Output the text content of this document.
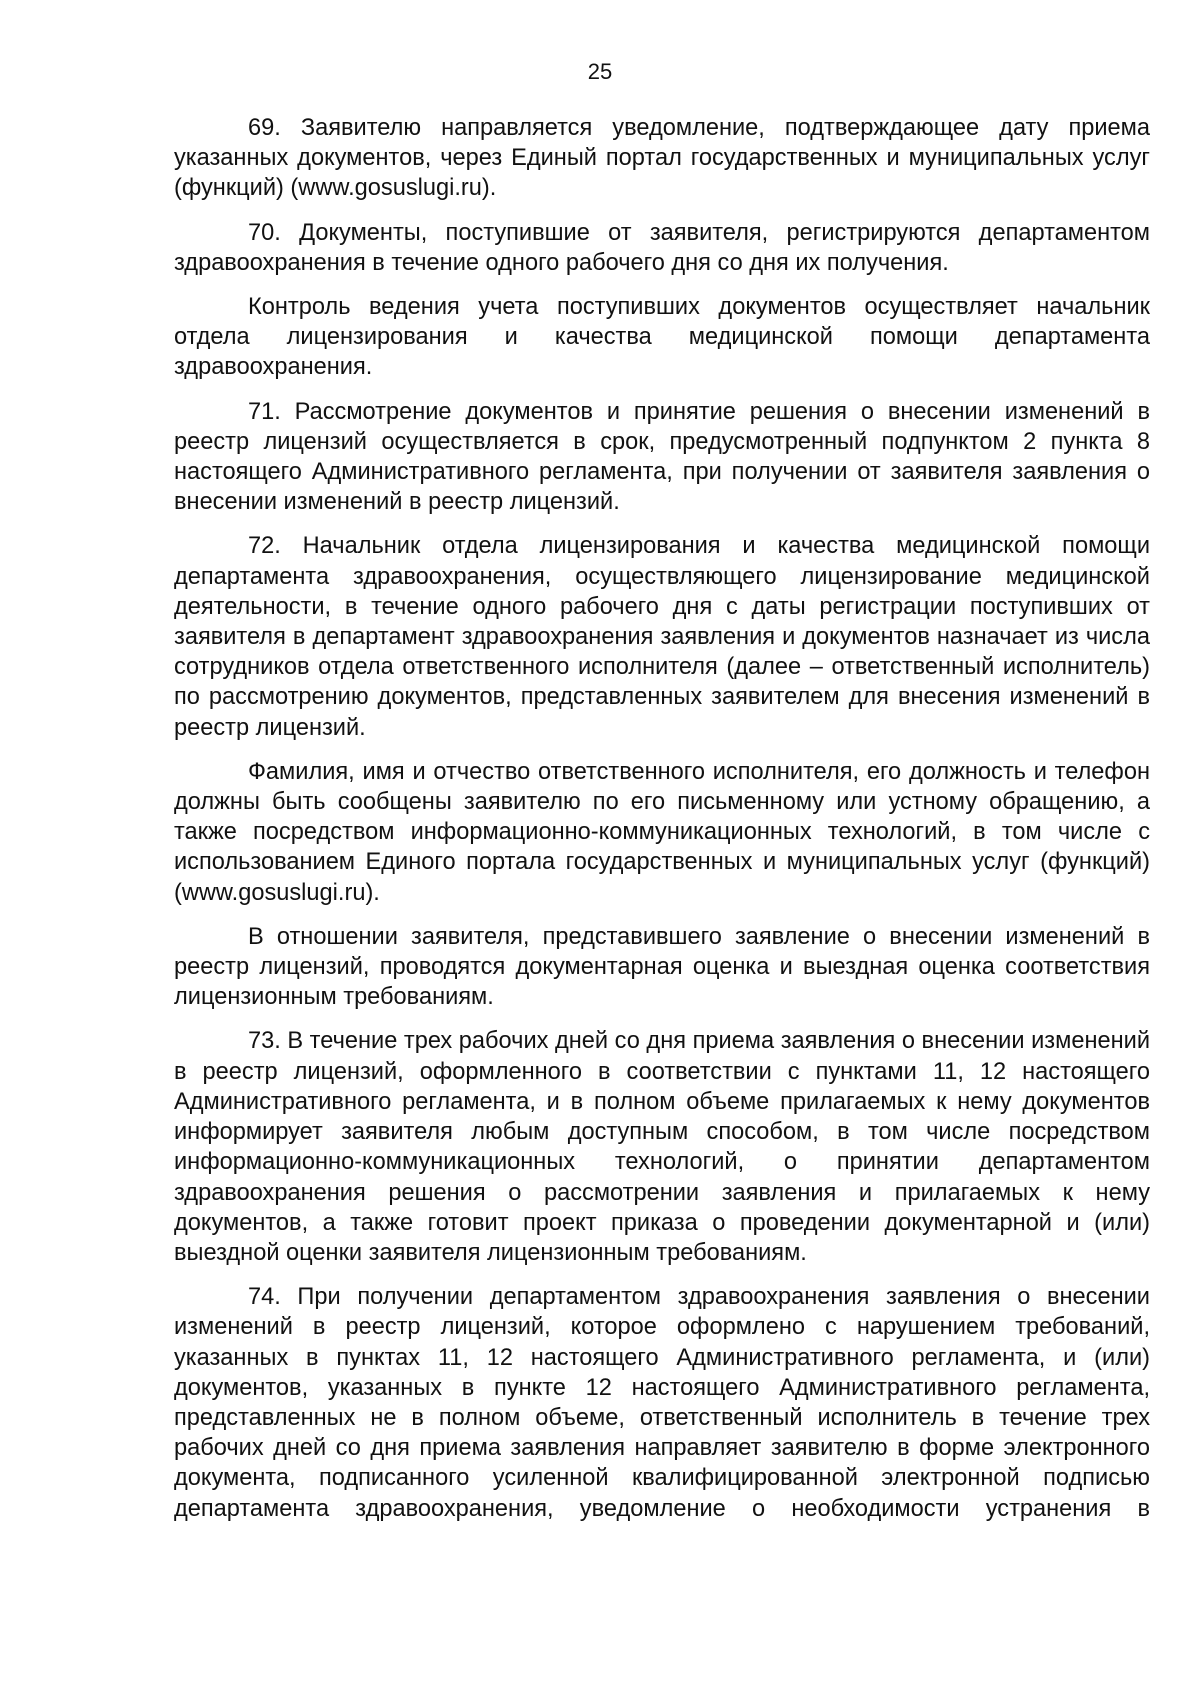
25

69. Заявителю направляется уведомление, подтверждающее дату приема указанных документов, через Единый портал государственных и муниципальных услуг (функций) (www.gosuslugi.ru).

70. Документы, поступившие от заявителя, регистрируются департаментом здравоохранения в течение одного рабочего дня со дня их получения.

Контроль ведения учета поступивших документов осуществляет начальник отдела лицензирования и качества медицинской помощи департамента здравоохранения.

71. Рассмотрение документов и принятие решения о внесении изменений в реестр лицензий осуществляется в срок, предусмотренный подпунктом 2 пункта 8 настоящего Административного регламента, при получении от заявителя заявления о внесении изменений в реестр лицензий.

72. Начальник отдела лицензирования и качества медицинской помощи департамента здравоохранения, осуществляющего лицензирование медицинской деятельности, в течение одного рабочего дня с даты регистрации поступивших от заявителя в департамент здравоохранения заявления и документов назначает из числа сотрудников отдела ответственного исполнителя (далее – ответственный исполнитель) по рассмотрению документов, представленных заявителем для внесения изменений в реестр лицензий.

Фамилия, имя и отчество ответственного исполнителя, его должность и телефон должны быть сообщены заявителю по его письменному или устному обращению, а также посредством информационно-коммуникационных технологий, в том числе с использованием Единого портала государственных и муниципальных услуг (функций) (www.gosuslugi.ru).

В отношении заявителя, представившего заявление о внесении изменений в реестр лицензий, проводятся документарная оценка и выездная оценка соответствия лицензионным требованиям.

73. В течение трех рабочих дней со дня приема заявления о внесении изменений в реестр лицензий, оформленного в соответствии с пунктами 11, 12 настоящего Административного регламента, и в полном объеме прилагаемых к нему документов информирует заявителя любым доступным способом, в том числе посредством информационно-коммуникационных технологий, о принятии департаментом здравоохранения решения о рассмотрении заявления и прилагаемых к нему документов, а также готовит проект приказа о проведении документарной и (или) выездной оценки заявителя лицензионным требованиям.

74. При получении департаментом здравоохранения заявления о внесении изменений в реестр лицензий, которое оформлено с нарушением требований, указанных в пунктах 11, 12 настоящего Административного регламента, и (или) документов, указанных в пункте 12 настоящего Административного регламента, представленных не в полном объеме, ответственный исполнитель в течение трех рабочих дней со дня приема заявления направляет заявителю в форме электронного документа, подписанного усиленной квалифицированной электронной подписью департамента здравоохранения, уведомление о необходимости устранения в
